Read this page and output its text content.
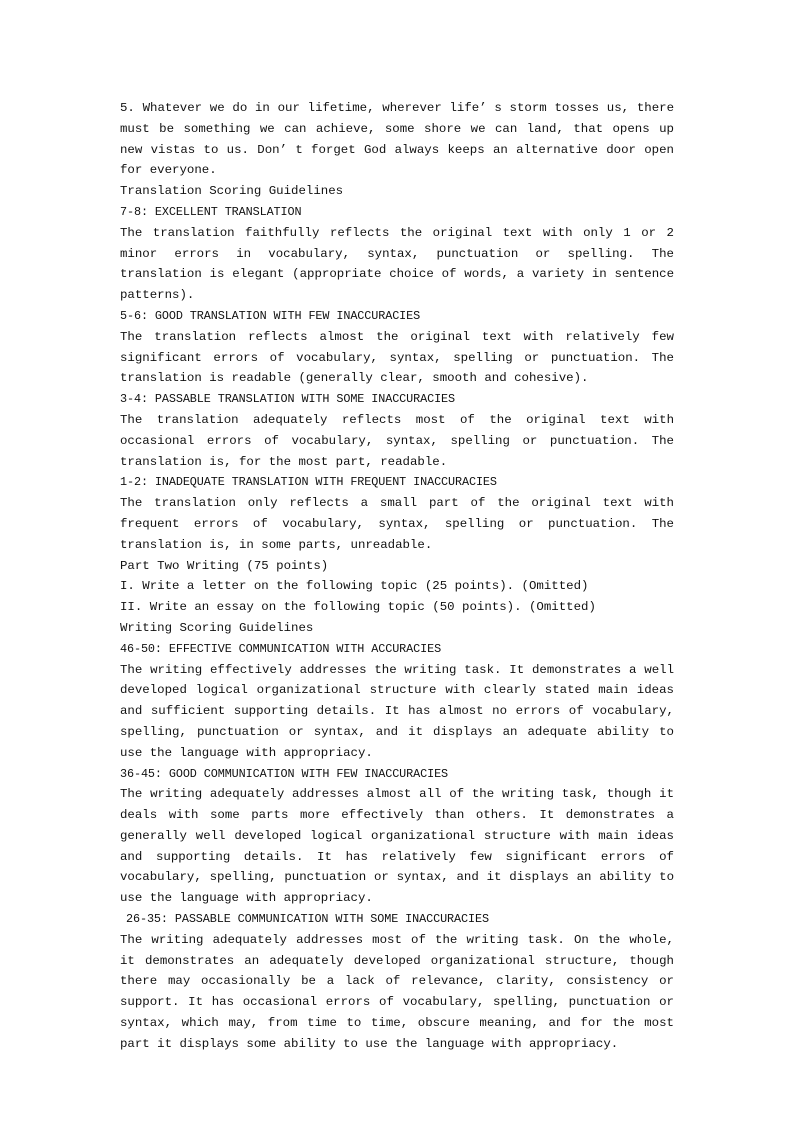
5. Whatever we do in our lifetime, wherever life’ s storm tosses us, there must be something we can achieve, some shore we can land, that opens up new vistas to us. Don’ t forget God always keeps an alternative door open for everyone.

Translation Scoring Guidelines

7-8: EXCELLENT TRANSLATION

The translation faithfully reflects the original text with only 1 or 2 minor errors in vocabulary, syntax, punctuation or spelling. The translation is elegant (appropriate choice of words, a variety in sentence patterns).

5-6: GOOD TRANSLATION WITH FEW INACCURACIES

The translation reflects almost the original text with relatively few significant errors of vocabulary, syntax, spelling or punctuation. The translation is readable (generally clear, smooth and cohesive).

3-4: PASSABLE TRANSLATION WITH SOME INACCURACIES

The translation adequately reflects most of the original text with occasional errors of vocabulary, syntax, spelling or punctuation. The translation is, for the most part, readable.

1-2: INADEQUATE TRANSLATION WITH FREQUENT INACCURACIES

The translation only reflects a small part of the original text with frequent errors of vocabulary, syntax, spelling or punctuation. The translation is, in some parts, unreadable.

Part Two Writing (75 points)

I. Write a letter on the following topic (25 points). (Omitted)

II. Write an essay on the following topic (50 points). (Omitted)

Writing Scoring Guidelines

46-50: EFFECTIVE COMMUNICATION WITH ACCURACIES

The writing effectively addresses the writing task. It demonstrates a well developed logical organizational structure with clearly stated main ideas and sufficient supporting details. It has almost no errors of vocabulary, spelling, punctuation or syntax, and it displays an adequate ability to use the language with appropriacy.

36-45: GOOD COMMUNICATION WITH FEW INACCURACIES

The writing adequately addresses almost all of the writing task, though it deals with some parts more effectively than others. It demonstrates a generally well developed logical organizational structure with main ideas and supporting details. It has relatively few significant errors of vocabulary, spelling, punctuation or syntax, and it displays an ability to use the language with appropriacy.

26-35: PASSABLE COMMUNICATION WITH SOME INACCURACIES

The writing adequately addresses most of the writing task. On the whole, it demonstrates an adequately developed organizational structure, though there may occasionally be a lack of relevance, clarity, consistency or support. It has occasional errors of vocabulary, spelling, punctuation or syntax, which may, from time to time, obscure meaning, and for the most part it displays some ability to use the language with appropriacy.
